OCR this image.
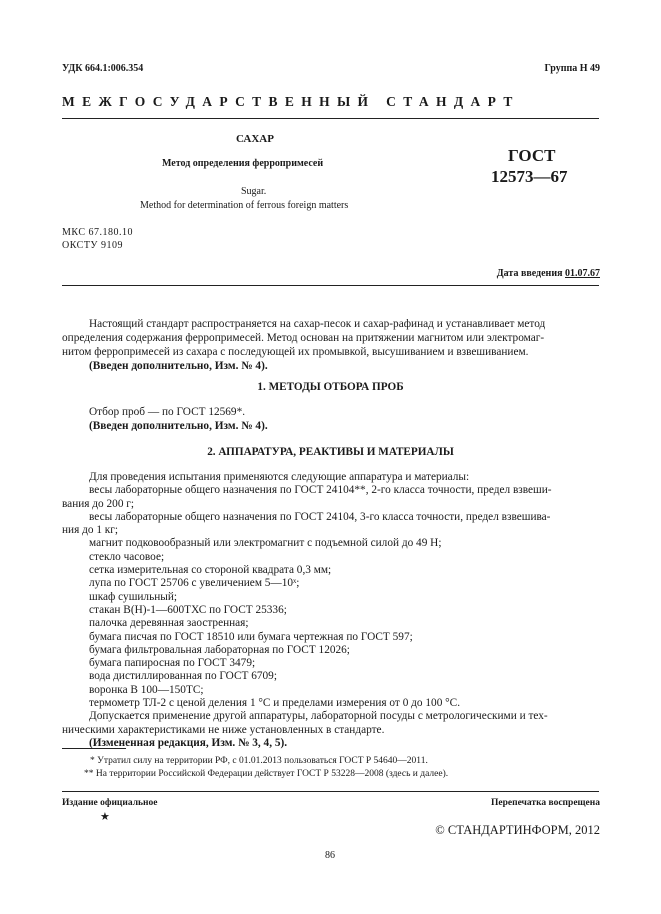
УДК 664.1:006.354	Группа Н 49
МЕЖГОСУДАРСТВЕННЫЙ СТАНДАРТ
САХАР
Метод определения ферропримесей	ГОСТ
12573—67
Sugar.
Method for determination of ferrous foreign matters
МКС 67.180.10
ОКСТУ 9109
Дата введения 01.07.67
Настоящий стандарт распространяется на сахар-песок и сахар-рафинад и устанавливает метод
определения содержания ферропримесей. Метод основан на притяжении магнитом или электромаг-
нитом ферропримесей из сахара с последующей их промывкой, высушиванием и взвешиванием.
(Введен дополнительно, Изм. № 4).
1. МЕТОДЫ ОТБОРА ПРОБ
Отбор проб — по ГОСТ 12569*.
(Введен дополнительно, Изм. № 4).
2. АППАРАТУРА, РЕАКТИВЫ И МАТЕРИАЛЫ
Для проведения испытания применяются следующие аппаратура и материалы:
весы лабораторные общего назначения по ГОСТ 24104**, 2-го класса точности, предел взвеши-
вания до 200 г;
весы лабораторные общего назначения по ГОСТ 24104, 3-го класса точности, предел взвешива-
ния до 1 кг;
магнит подковообразный или электромагнит с подъемной силой до 49 Н;
стекло часовое;
сетка измерительная со стороной квадрата 0,3 мм;
лупа по ГОСТ 25706 с увеличением 5—10ˣ;
шкаф сушильный;
стакан В(Н)-1—600ТХС по ГОСТ 25336;
палочка деревянная заостренная;
бумага писчая по ГОСТ 18510 или бумага чертежная по ГОСТ 597;
бумага фильтровальная лабораторная по ГОСТ 12026;
бумага папиросная по ГОСТ 3479;
вода дистиллированная по ГОСТ 6709;
воронка В 100—150ТС;
термометр ТЛ-2 с ценой деления 1 °С и пределами измерения от 0 до 100 °С.
Допускается применение другой аппаратуры, лабораторной посуды с метрологическими и тех-
ническими характеристиками не ниже установленных в стандарте.
(Измененная редакция, Изм. № 3, 4, 5).
* Утратил силу на территории РФ, с 01.01.2013 пользоваться ГОСТ Р 54640—2011.
** На территории Российской Федерации действует ГОСТ Р 53228—2008 (здесь и далее).
Издание официальное
★
Перепечатка воспрещена
© СТАНДАРТИНФОРМ, 2012
86
